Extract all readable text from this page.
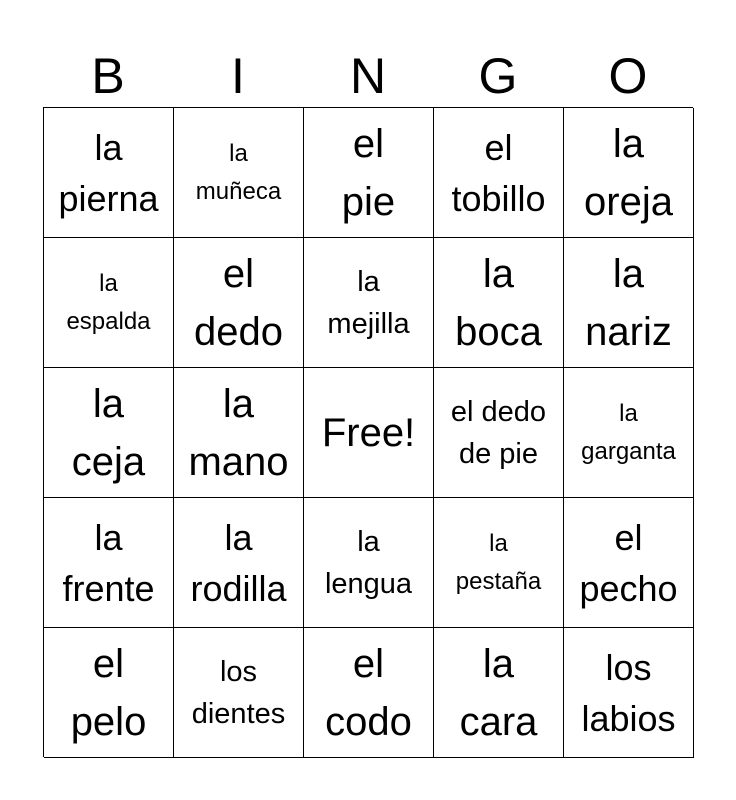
B	I	N	G	O
la
pierna
la
muñeca
el
pie
el
tobillo
la
oreja
la
espalda
el
dedo
la
mejilla
la
boca
la
nariz
la
ceja
la
mano
Free! el dedo
de pie
la
garganta
la
frente
la
rodilla
la
lengua
la
pestaña
el
pecho
el
pelo
los
dientes
el
codo
la
cara
los
labios
